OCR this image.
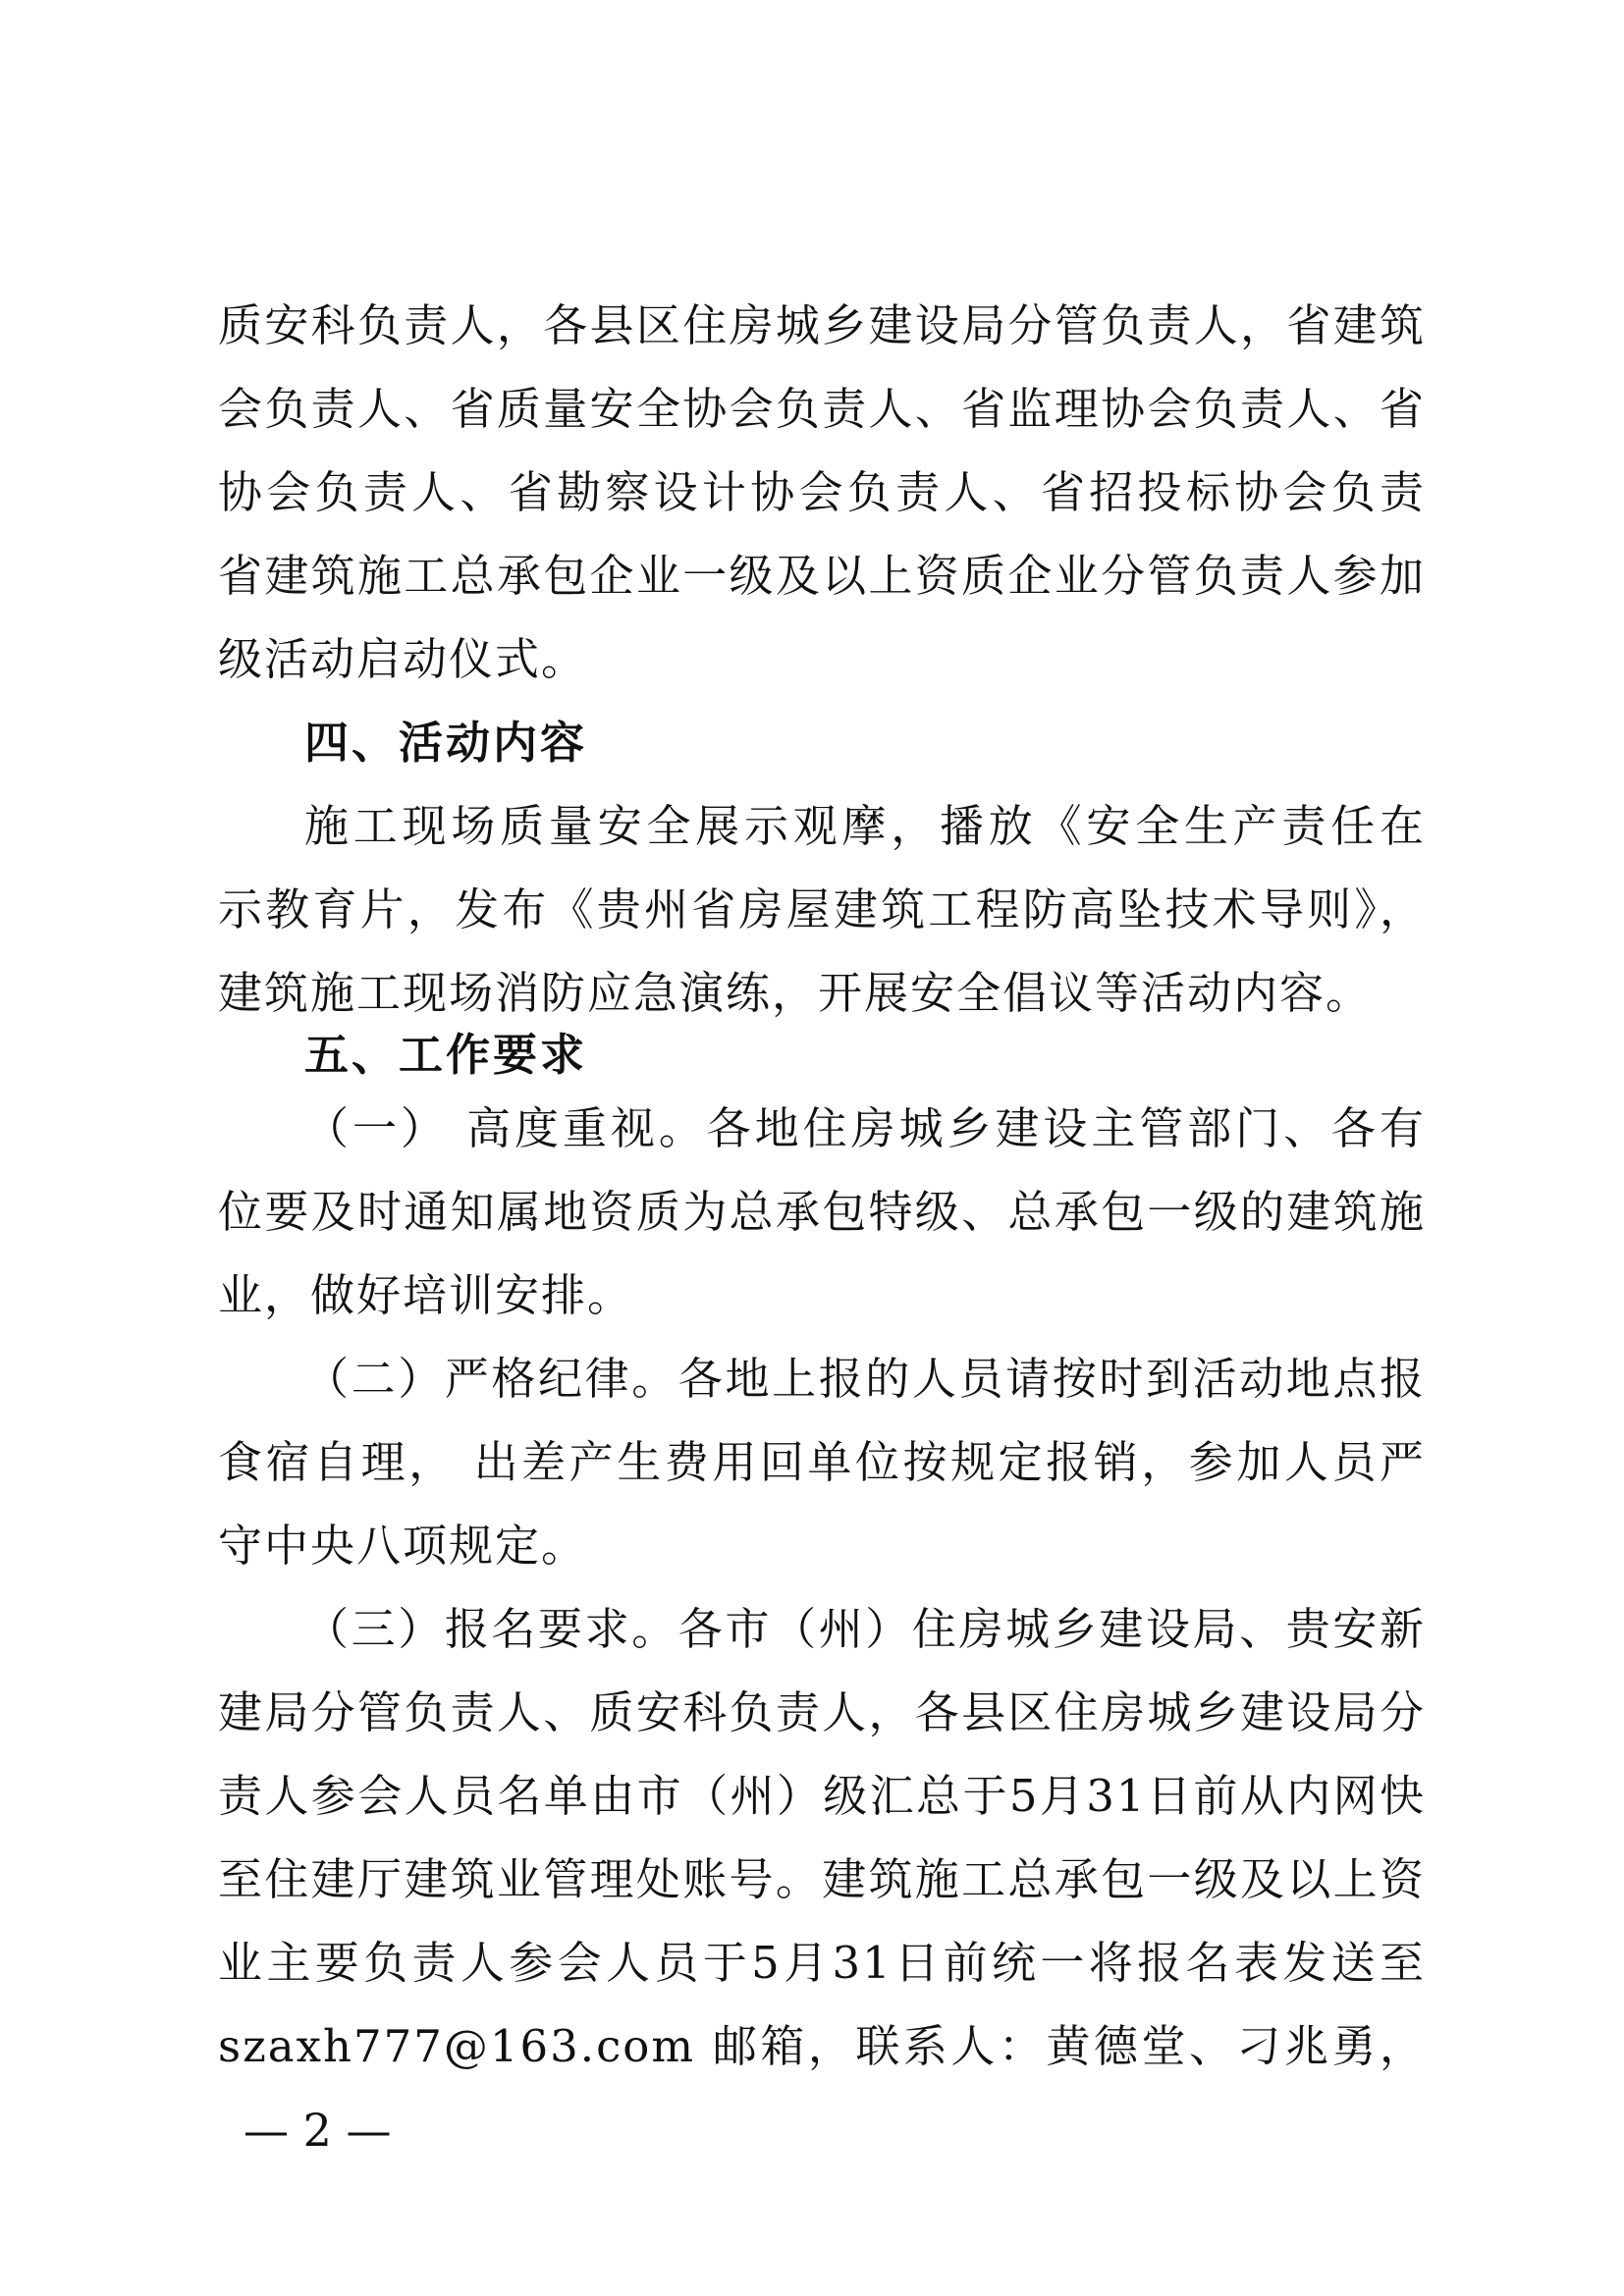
质安科负责人，各县区住房城乡建设局分管负责人，省建筑
会负责人、省质量安全协会负责人、省监理协会负责人、省
协会负责人、省勘察设计协会负责人、省招投标协会负责
省建筑施工总承包企业一级及以上资质企业分管负责人参加
级活动启动仪式。
四、活动内容
施工现场质量安全展示观摩，播放《安全生产责任在
示教育片，发布《贵州省房屋建筑工程防高坠技术导则》，
建筑施工现场消防应急演练，开展安全倡议等活动内容。
五、工作要求
（一） 高度重视。各地住房城乡建设主管部门、各有
位要及时通知属地资质为总承包特级、总承包一级的建筑施
业，做好培训安排。
（二）严格纪律。各地上报的人员请按时到活动地点报
食宿自理， 出差产生费用回单位按规定报销，参加人员严
守中央八项规定。
（三）报名要求。各市（州）住房城乡建设局、贵安新
建局分管负责人、质安科负责人，各县区住房城乡建设局分
责人参会人员名单由市（州）级汇总于5月31日前从内网快
至住建厅建筑业管理处账号。建筑施工总承包一级及以上资
业主要负责人参会人员于5月31日前统一将报名表发送至
szaxh777@163.com 邮箱，联系人：黄德堂、刁兆勇，
— 2 —
